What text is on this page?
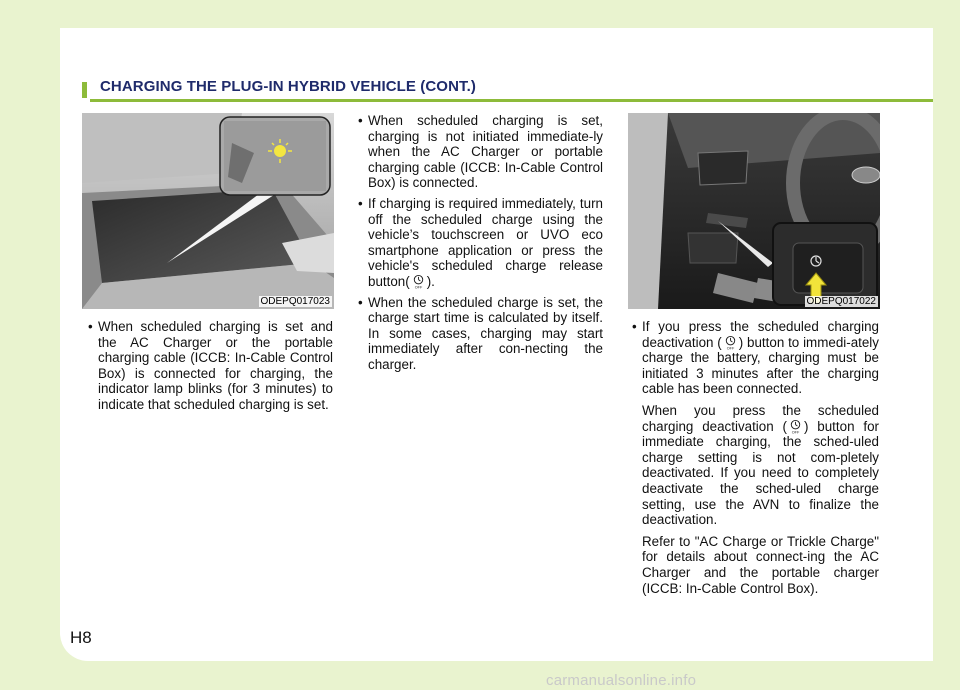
CHARGING THE PLUG-IN HYBRID VEHICLE (CONT.)
ODEPQ017023	ODEPQ017022

• When scheduled charging is set and the AC Charger or the portable charging cable (ICCB: In-Cable Control Box) is connected for charging, the indicator lamp blinks (for 3 minutes) to indicate that scheduled charging is set.

• When scheduled charging is set, charging is not initiated immediate-ly when the AC Charger or portable charging cable (ICCB: In-Cable Control Box) is connected.

• If charging is required immediately, turn off the scheduled charge using the vehicle’s touchscreen or UVO eco smartphone application or press the vehicle's scheduled charge release button( OFF ).

• When the scheduled charge is set, the charge start time is calculated by itself. In some cases, charging may start immediately after con-necting the charger.

• If you press the scheduled charging deactivation ( OFF ) button to immedi-ately charge the battery, charging must be initiated 3 minutes after the charging cable has been connected.

When you press the scheduled charging deactivation ( OFF ) button for immediate charging, the sched-uled charge setting is not com-pletely deactivated. If you need to completely deactivate the sched-uled charge setting, use the AVN to finalize the deactivation.

Refer to "AC Charge or Trickle Charge" for details about connect-ing the AC Charger and the portable charger (ICCB: In-Cable Control Box).

H8
carmanualsonline.info
